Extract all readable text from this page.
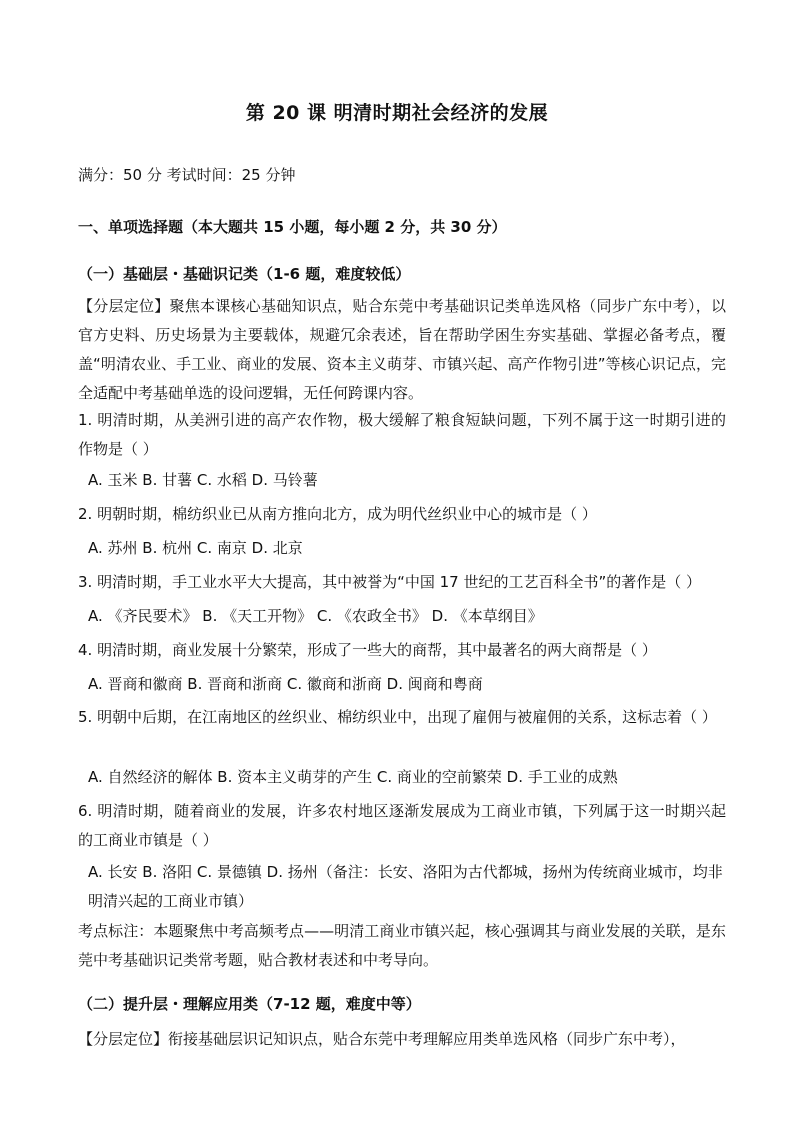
第 20 课 明清时期社会经济的发展
满分：50 分 考试时间：25 分钟
一、单项选择题（本大题共 15 小题，每小题 2 分，共 30 分）
（一）基础层・基础识记类（1-6 题，难度较低）
【分层定位】聚焦本课核心基础知识点，贴合东莞中考基础识记类单选风格（同步广东中考），以官方史料、历史场景为主要载体，规避冗余表述，旨在帮助学困生夯实基础、掌握必备考点，覆盖“明清农业、手工业、商业的发展、资本主义萌芽、市镇兴起、高产作物引进”等核心识记点，完全适配中考基础单选的设问逻辑，无任何跨课内容。
1. 明清时期，从美洲引进的高产农作物，极大缓解了粮食短缺问题，下列不属于这一时期引进的作物是（ ）
A. 玉米 B. 甘薯 C. 水稻 D. 马铃薯
2. 明朝时期，棉纺织业已从南方推向北方，成为明代丝织业中心的城市是（ ）
A. 苏州 B. 杭州 C. 南京 D. 北京
3. 明清时期，手工业水平大大提高，其中被誉为“中国 17 世纪的工艺百科全书”的著作是（ ）
A. 《齐民要术》 B. 《天工开物》 C. 《农政全书》 D. 《本草纲目》
4. 明清时期，商业发展十分繁荣，形成了一些大的商帮，其中最著名的两大商帮是（ ）
A. 晋商和徽商 B. 晋商和浙商 C. 徽商和浙商 D. 闽商和粤商
5. 明朝中后期，在江南地区的丝织业、棉纺织业中，出现了雇佣与被雇佣的关系，这标志着（ ）
A. 自然经济的解体 B. 资本主义萌芽的产生 C. 商业的空前繁荣 D. 手工业的成熟
6. 明清时期，随着商业的发展，许多农村地区逐渐发展成为工商业市镇，下列属于这一时期兴起的工商业市镇是（ ）
A. 长安 B. 洛阳 C. 景德镇 D. 扬州（备注：长安、洛阳为古代都城，扬州为传统商业城市，均非明清兴起的工商业市镇）
考点标注：本题聚焦中考高频考点——明清工商业市镇兴起，核心强调其与商业发展的关联，是东莞中考基础识记类常考题，贴合教材表述和中考导向。
（二）提升层・理解应用类（7-12 题，难度中等）
【分层定位】衔接基础层识记知识点，贴合东莞中考理解应用类单选风格（同步广东中考），
